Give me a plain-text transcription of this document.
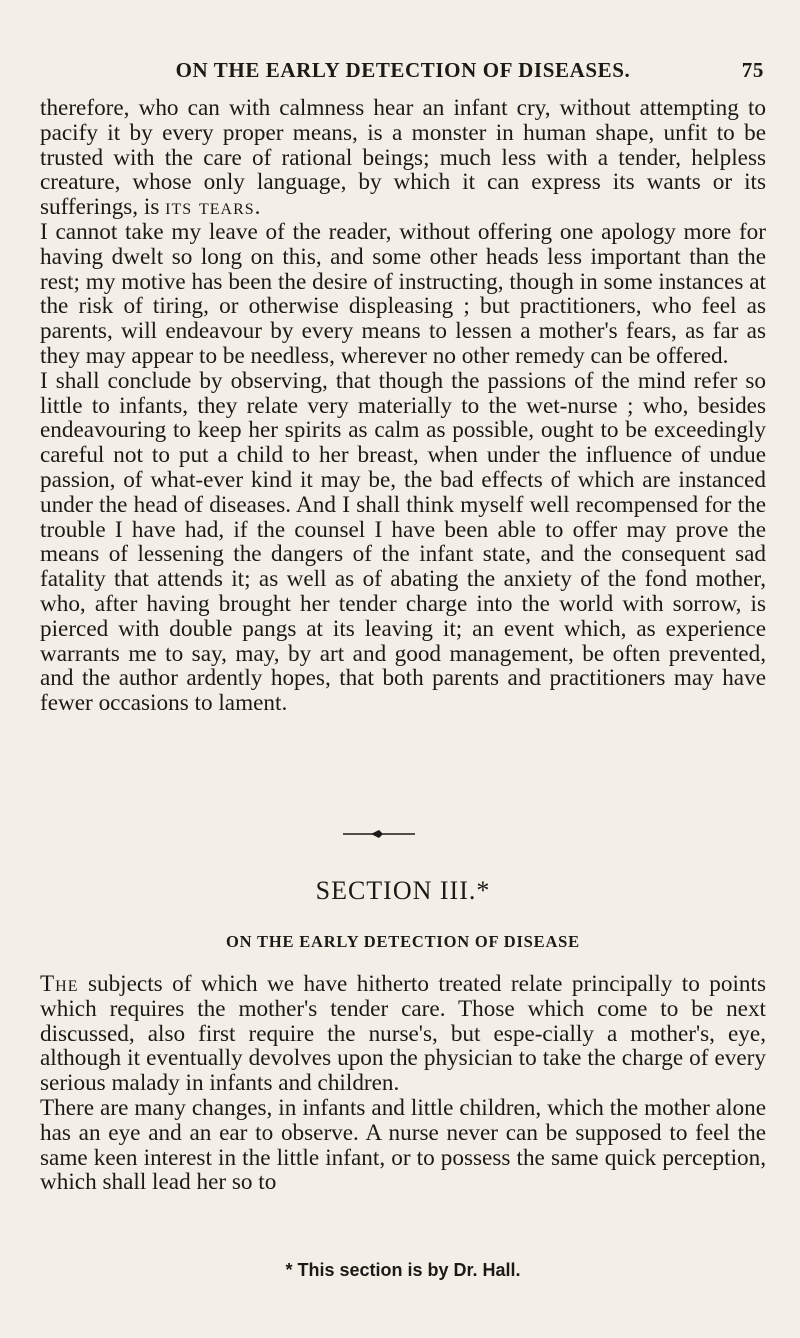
ON THE EARLY DETECTION OF DISEASES.	75

therefore, who can with calmness hear an infant cry, without attempting to pacify it by every proper means, is a monster in human shape, unfit to be trusted with the care of rational beings; much less with a tender, helpless creature, whose only language, by which it can express its wants or its sufferings, is its tears.

I cannot take my leave of the reader, without offering one apology more for having dwelt so long on this, and some other heads less important than the rest; my motive has been the desire of instructing, though in some instances at the risk of tiring, or otherwise displeasing ; but practitioners, who feel as parents, will endeavour by every means to lessen a mother's fears, as far as they may appear to be needless, wherever no other remedy can be offered.

I shall conclude by observing, that though the passions of the mind refer so little to infants, they relate very materially to the wet-nurse ; who, besides endeavouring to keep her spirits as calm as possible, ought to be exceedingly careful not to put a child to her breast, when under the influence of undue passion, of what-ever kind it may be, the bad effects of which are instanced under the head of diseases. And I shall think myself well recompensed for the trouble I have had, if the counsel I have been able to offer may prove the means of lessening the dangers of the infant state, and the consequent sad fatality that attends it; as well as of abating the anxiety of the fond mother, who, after having brought her tender charge into the world with sorrow, is pierced with double pangs at its leaving it; an event which, as experience warrants me to say, may, by art and good management, be often prevented, and the author ardently hopes, that both parents and practitioners may have fewer occasions to lament.

SECTION III.*
ON THE EARLY DETECTION OF DISEASE

The subjects of which we have hitherto treated relate principally to points which requires the mother's tender care. Those which come to be next discussed, also first require the nurse's, but espe-cially a mother's, eye, although it eventually devolves upon the physician to take the charge of every serious malady in infants and children.

There are many changes, in infants and little children, which the mother alone has an eye and an ear to observe. A nurse never can be supposed to feel the same keen interest in the little infant, or to possess the same quick perception, which shall lead her so to

* This section is by Dr. Hall.
